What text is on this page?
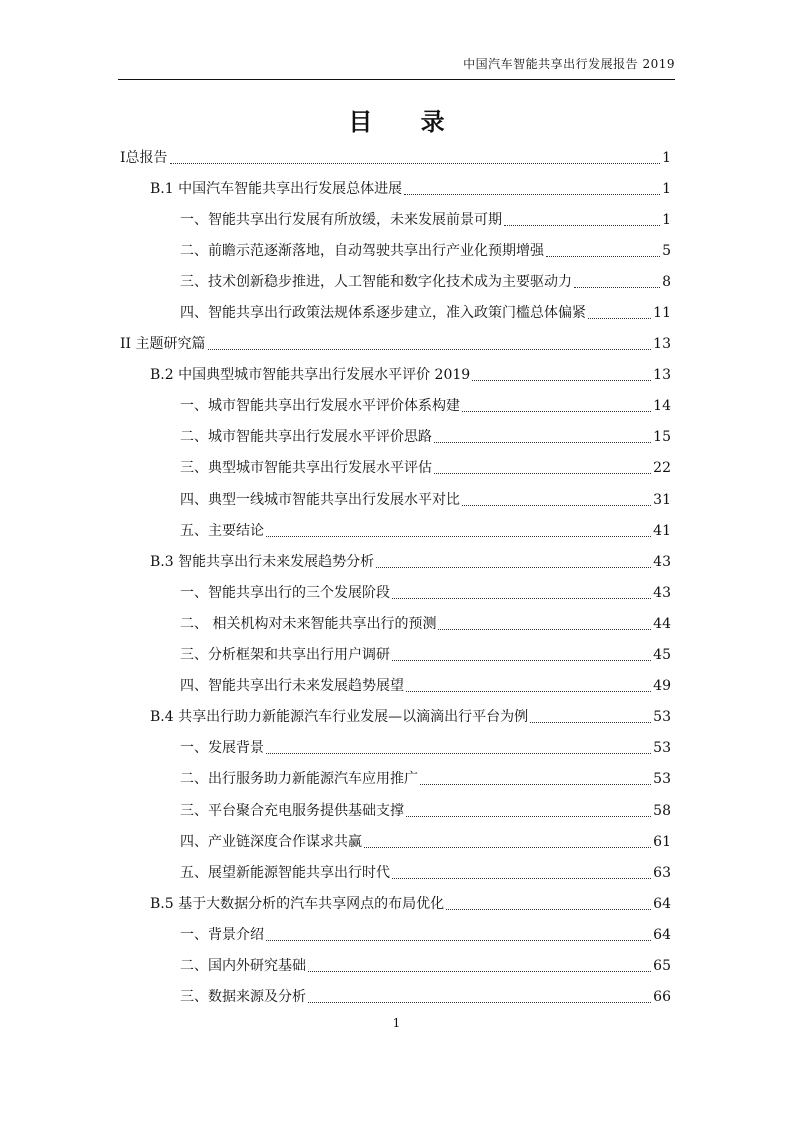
中国汽车智能共享出行发展报告 2019
目 录
Ⅰ总报告	1
B.1 中国汽车智能共享出行发展总体进展	1
一、智能共享出行发展有所放缓，未来发展前景可期	1
二、前瞻示范逐渐落地，自动驾驶共享出行产业化预期增强	5
三、技术创新稳步推进，人工智能和数字化技术成为主要驱动力	8
四、智能共享出行政策法规体系逐步建立，准入政策门槛总体偏紧	11
II 主题研究篇	13
B.2 中国典型城市智能共享出行发展水平评价 2019	13
一、城市智能共享出行发展水平评价体系构建	14
二、城市智能共享出行发展水平评价思路	15
三、典型城市智能共享出行发展水平评估	22
四、典型一线城市智能共享出行发展水平对比	31
五、主要结论	41
B.3 智能共享出行未来发展趋势分析	43
一、智能共享出行的三个发展阶段	43
二、 相关机构对未来智能共享出行的预测	44
三、分析框架和共享出行用户调研	45
四、智能共享出行未来发展趋势展望	49
B.4 共享出行助力新能源汽车行业发展—以滴滴出行平台为例	53
一、发展背景	53
二、出行服务助力新能源汽车应用推广	53
三、平台聚合充电服务提供基础支撑	58
四、产业链深度合作谋求共赢	61
五、展望新能源智能共享出行时代	63
B.5 基于大数据分析的汽车共享网点的布局优化	64
一、背景介绍	64
二、国内外研究基础	65
三、数据来源及分析	66
1
